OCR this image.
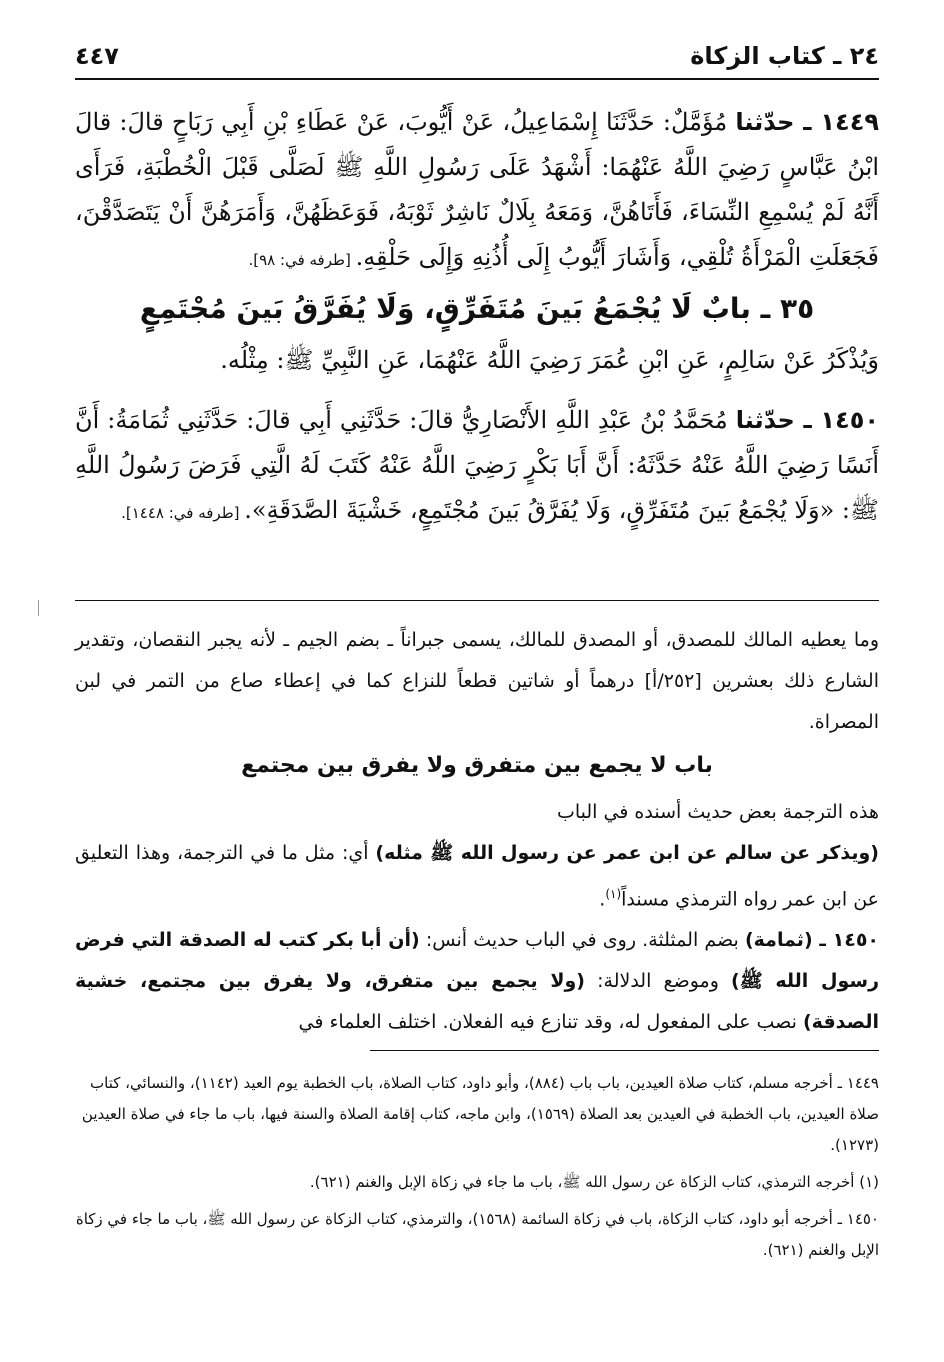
٢٤ ـ كتاب الزكاة
٤٤٧

١٤٤٩ ـ حدّثنا مُؤَمَّلٌ: حَدَّثَنَا إِسْمَاعِيلُ، عَنْ أَيُّوبَ، عَنْ عَطَاءِ بْنِ أَبِي رَبَاحٍ قالَ: قالَ ابْنُ عَبَّاسٍ رَضِيَ اللَّهُ عَنْهُمَا: أَشْهَدُ عَلَى رَسُولِ اللَّهِ ﷺ لَصَلَّى قَبْلَ الْخُطْبَةِ، فَرَأَى أَنَّهُ لَمْ يُسْمِعِ النِّسَاءَ، فَأَتَاهُنَّ، وَمَعَهُ بِلَالٌ نَاشِرٌ ثَوْبَهُ، فَوَعَظَهُنَّ، وَأَمَرَهُنَّ أَنْ يَتَصَدَّقْنَ، فَجَعَلَتِ الْمَرْأَةُ تُلْقِي، وَأَشَارَ أَيُّوبُ إِلَى أُذُنِهِ وَإِلَى حَلْقِهِ. [طرفه في: ٩٨].

٣٥ ـ بابٌ لَا يُجْمَعُ بَينَ مُتَفَرِّقٍ، وَلَا يُفَرَّقُ بَينَ مُجْتَمِعٍ

وَيُذْكَرُ عَنْ سَالِمٍ، عَنِ ابْنِ عُمَرَ رَضِيَ اللَّهُ عَنْهُمَا، عَنِ النَّبِيِّ ﷺ: مِثْلُه.

١٤٥٠ ـ حدّثنا مُحَمَّدُ بْنُ عَبْدِ اللَّهِ الأَنْصَارِيُّ قالَ: حَدَّثَنِي أَبِي قالَ: حَدَّثَنِي ثُمَامَةُ: أَنَّ أَنَسًا رَضِيَ اللَّهُ عَنْهُ حَدَّثَهُ: أَنَّ أَبَا بَكْرٍ رَضِيَ اللَّهُ عَنْهُ كَتَبَ لَهُ الَّتِي فَرَضَ رَسُولُ اللَّهِ ﷺ: «وَلَا يُجْمَعُ بَينَ مُتَفَرِّقٍ، وَلَا يُفَرَّقُ بَينَ مُجْتَمِعٍ، خَشْيَةَ الصَّدَقَةِ». [طرفه في: ١٤٤٨].

وما يعطيه المالك للمصدق، أو المصدق للمالك، يسمى جبراناً ـ بضم الجيم ـ لأنه يجبر النقصان، وتقدير الشارع ذلك بعشرين [٢٥٢/أ] درهماً أو شاتين قطعاً للنزاع كما في إعطاء صاع من التمر في لبن المصراة.

باب لا يجمع بين متفرق ولا يفرق بين مجتمع

هذه الترجمة بعض حديث أسنده في الباب

(ويذكر عن سالم عن ابن عمر عن رسول الله ﷺ مثله) أي: مثل ما في الترجمة، وهذا التعليق عن ابن عمر رواه الترمذي مسنداً$^{(١)}$.

١٤٥٠ ـ (ثمامة) بضم المثلثة. روى في الباب حديث أنس: (أن أبا بكر كتب له الصدقة التي فرض رسول الله ﷺ) وموضع الدلالة: (ولا يجمع بين متفرق، ولا يفرق بين مجتمع، خشية الصدقة) نصب على المفعول له، وقد تنازع فيه الفعلان. اختلف العلماء في

١٤٤٩ ـ أخرجه مسلم، كتاب صلاة العيدين، باب باب (٨٨٤)، وأبو داود، كتاب الصلاة، باب الخطبة يوم العيد (١١٤٢)، والنسائي، كتاب صلاة العيدين، باب الخطبة في العيدين بعد الصلاة (١٥٦٩)، وابن ماجه، كتاب إقامة الصلاة والسنة فيها، باب ما جاء في صلاة العيدين (١٢٧٣).

(١) أخرجه الترمذي، كتاب الزكاة عن رسول الله ﷺ، باب ما جاء في زكاة الإبل والغنم (٦٢١).

١٤٥٠ ـ أخرجه أبو داود، كتاب الزكاة، باب في زكاة السائمة (١٥٦٨)، والترمذي، كتاب الزكاة عن رسول الله ﷺ، باب ما جاء في زكاة الإبل والغنم (٦٢١).
